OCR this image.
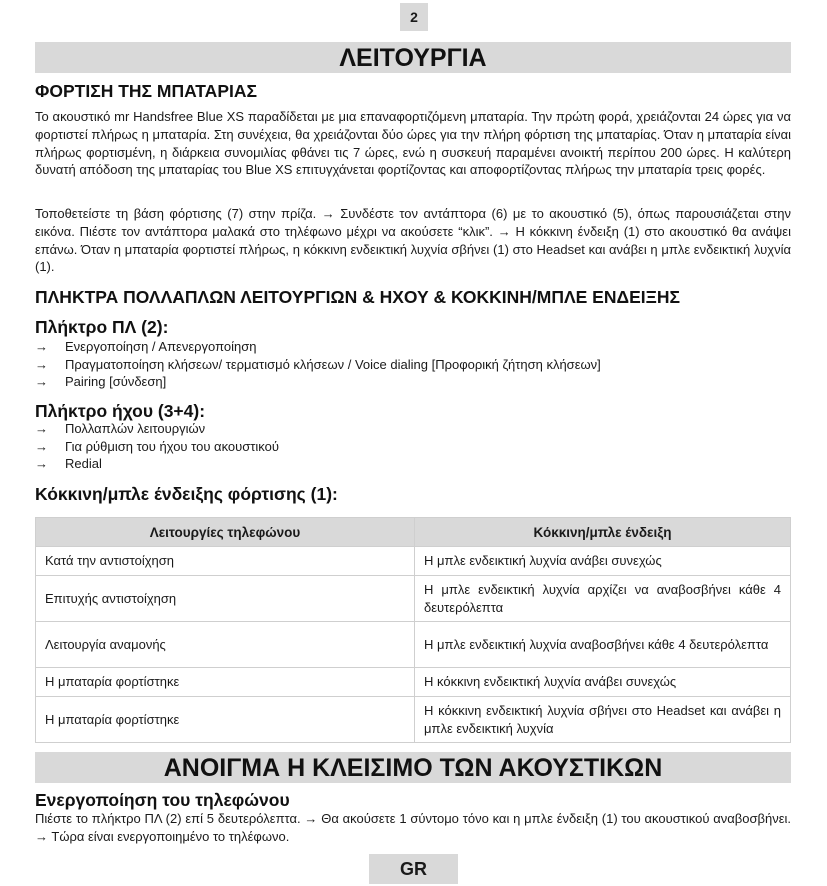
2
ΛΕΙΤΟΥΡΓΙΑ
ΦΟΡΤΙΣΗ ΤΗΣ ΜΠΑΤΑΡΙΑΣ

Το ακουστικό mr Handsfree Blue XS παραδίδεται με μια επαναφορτιζόμενη μπαταρία. Την πρώτη φορά, χρειάζονται 24 ώρες για να φορτιστεί πλήρως η μπαταρία. Στη συνέχεια, θα χρειάζονται δύο ώρες για την πλήρη φόρτιση της μπαταρίας. Όταν η μπαταρία είναι πλήρως φορτισμένη, η διάρκεια συνομιλίας φθάνει τις 7 ώρες, ενώ η συσκευή παραμένει ανοικτή περίπου 200 ώρες. Η καλύτερη δυνατή απόδοση της μπαταρίας του Blue XS επιτυγχάνεται φορτίζοντας και αποφορτίζοντας πλήρως την μπαταρία τρεις φορές.

Τοποθετείστε τη βάση φόρτισης (7) στην πρίζα. → Συνδέστε τον αντάπτορα (6) με το ακουστικό (5), όπως παρουσιάζεται στην εικόνα. Πιέστε τον αντάπτορα μαλακά στο τηλέφωνο μέχρι να ακούσετε “κλικ”. → Η κόκκινη ένδειξη (1) στο ακουστικό θα ανάψει επάνω. Όταν η μπαταρία φορτιστεί πλήρως, η κόκκινη ενδεικτική λυχνία σβήνει (1) στο Headset και ανάβει η μπλε ενδεικτική λυχνία (1).

ΠΛΗΚΤΡΑ ΠΟΛΛΑΠΛΩΝ ΛΕΙΤΟΥΡΓΙΩΝ & ΗΧΟΥ & ΚΟΚΚΙΝΗ/ΜΠΛΕ ΕΝΔΕΙΞΗΣ
Πλήκτρο ΠΛ (2):
→	Ενεργοποίηση / Απενεργοποίηση
→	Πραγματοποίηση κλήσεων/ τερματισμό κλήσεων / Voice dialing [Προφορική ζήτηση κλήσεων]
→	Pairing [σύνδεση]
Πλήκτρο ήχου (3+4):
→	Πολλαπλών λειτουργιών
→	Για ρύθμιση του ήχου του ακουστικού
→	Redial
Κόκκινη/μπλε ένδειξης φόρτισης (1):
Λειτουργίες τηλεφώνου	Κόκκινη/μπλε ένδειξη
Κατά την αντιστοίχηση	Η μπλε ενδεικτική λυχνία ανάβει συνεχώς
Επιτυχής αντιστοίχηση	Η μπλε ενδεικτική λυχνία αρχίζει να αναβοσβήνει κάθε 4 δευτερόλεπτα
Λειτουργία αναμονής	Η μπλε ενδεικτική λυχνία αναβοσβήνει κάθε 4 δευτερόλεπτα
Η μπαταρία φορτίστηκε	Η κόκκινη ενδεικτική λυχνία ανάβει συνεχώς
Η μπαταρία φορτίστηκε	Η κόκκινη ενδεικτική λυχνία σβήνει στο Headset και ανάβει η μπλε ενδεικτική λυχνία
ΑΝΟΙΓΜΑ Η ΚΛΕΙΣΙΜΟ ΤΩΝ ΑΚΟΥΣΤΙΚΩΝ
Ενεργοποίηση του τηλεφώνου

Πιέστε το πλήκτρο ΠΛ (2) επί 5 δευτερόλεπτα. → Θα ακούσετε 1 σύντομο τόνο και η μπλε ένδειξη (1) του ακουστικού αναβοσβήνει. → Τώρα είναι ενεργοποιημένο το τηλέφωνο.

GR
